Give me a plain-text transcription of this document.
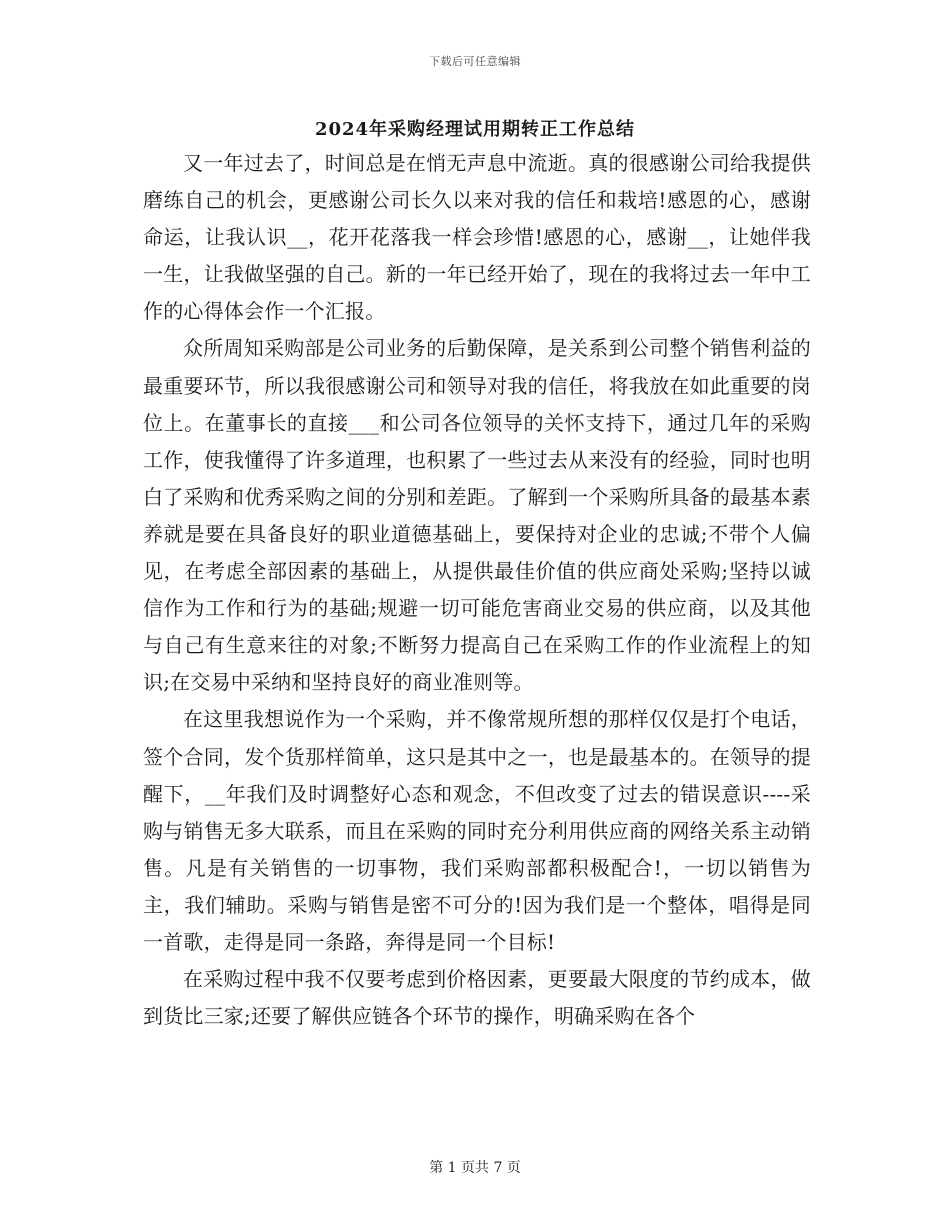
下载后可任意编辑
2024年采购经理试用期转正工作总结

又一年过去了，时间总是在悄无声息中流逝。真的很感谢公司给我提供磨练自己的机会，更感谢公司长久以来对我的信任和栽培!感恩的心，感谢命运，让我认识__，花开花落我一样会珍惜!感恩的心，感谢__，让她伴我一生，让我做坚强的自己。新的一年已经开始了，现在的我将过去一年中工作的心得体会作一个汇报。

众所周知采购部是公司业务的后勤保障，是关系到公司整个销售利益的最重要环节，所以我很感谢公司和领导对我的信任，将我放在如此重要的岗位上。在董事长的直接___和公司各位领导的关怀支持下，通过几年的采购工作，使我懂得了许多道理，也积累了一些过去从来没有的经验，同时也明白了采购和优秀采购之间的分别和差距。了解到一个采购所具备的最基本素养就是要在具备良好的职业道德基础上，要保持对企业的忠诚;不带个人偏见，在考虑全部因素的基础上，从提供最佳价值的供应商处采购;坚持以诚信作为工作和行为的基础;规避一切可能危害商业交易的供应商，以及其他与自己有生意来往的对象;不断努力提高自己在采购工作的作业流程上的知识;在交易中采纳和坚持良好的商业准则等。

在这里我想说作为一个采购，并不像常规所想的那样仅仅是打个电话，签个合同，发个货那样简单，这只是其中之一，也是最基本的。在领导的提醒下，__年我们及时调整好心态和观念，不但改变了过去的错误意识----采购与销售无多大联系，而且在采购的同时充分利用供应商的网络关系主动销售。凡是有关销售的一切事物，我们采购部都积极配合!，一切以销售为主，我们辅助。采购与销售是密不可分的!因为我们是一个整体，唱得是同一首歌，走得是同一条路，奔得是同一个目标!

在采购过程中我不仅要考虑到价格因素，更要最大限度的节约成本，做到货比三家;还要了解供应链各个环节的操作，明确采购在各个

第 1 页共 7 页
